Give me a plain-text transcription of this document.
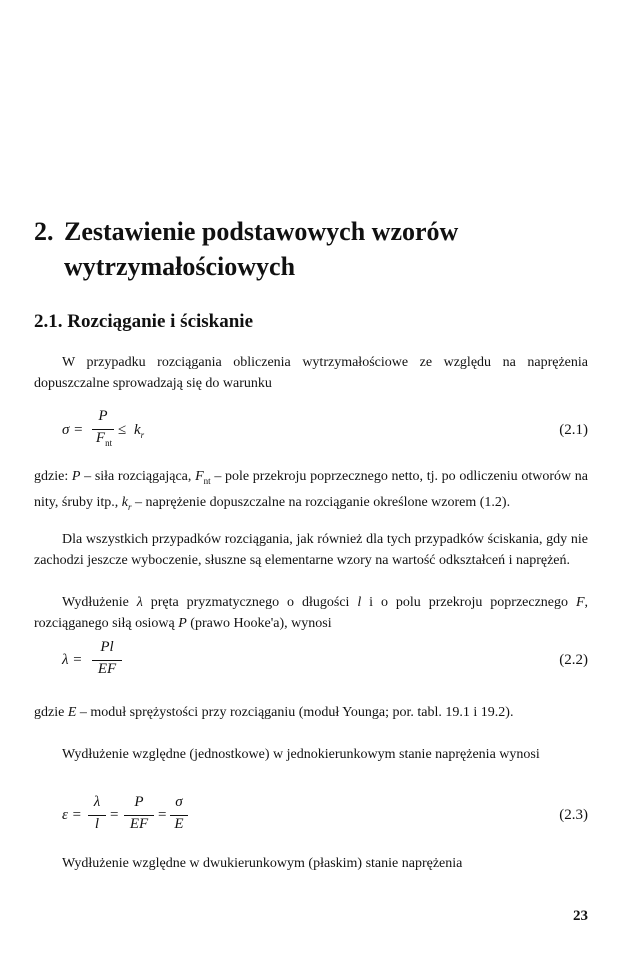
2. Zestawienie podstawowych wzorów
wytrzymałościowych
2.1. Rozciąganie i ściskanie
W przypadku rozciągania obliczenia wytrzymałościowe ze względu na naprężenia dopuszczalne sprowadzają się do warunku
σ =
P
$F_{nt}$
≤ $k_r$	(2.1)
gdzie: P – siła rozciągająca, $F_{nt}$ – pole przekroju poprzecznego netto, tj. po odliczeniu otworów na nity, śruby itp., $k_r$ – naprężenie dopuszczalne na rozciąganie określone wzorem (1.2).
Dla wszystkich przypadków rozciągania, jak również dla tych przypadków ściskania, gdy nie zachodzi jeszcze wyboczenie, słuszne są elementarne wzory na wartość odkształceń i naprężeń.
Wydłużenie λ pręta pryzmatycznego o długości l i o polu przekroju poprzecznego F, rozciąganego siłą osiową P (prawo Hooke'a), wynosi
λ =
Pl
EF
(2.2)
gdzie E – moduł sprężystości przy rozciąganiu (moduł Younga; por. tabl. 19.1 i 19.2).
Wydłużenie względne (jednostkowe) w jednokierunkowym stanie naprężenia wynosi
ε =
λ
l
=
P
EF
=
σ
E
(2.3)
Wydłużenie względne w dwukierunkowym (płaskim) stanie naprężenia
23
